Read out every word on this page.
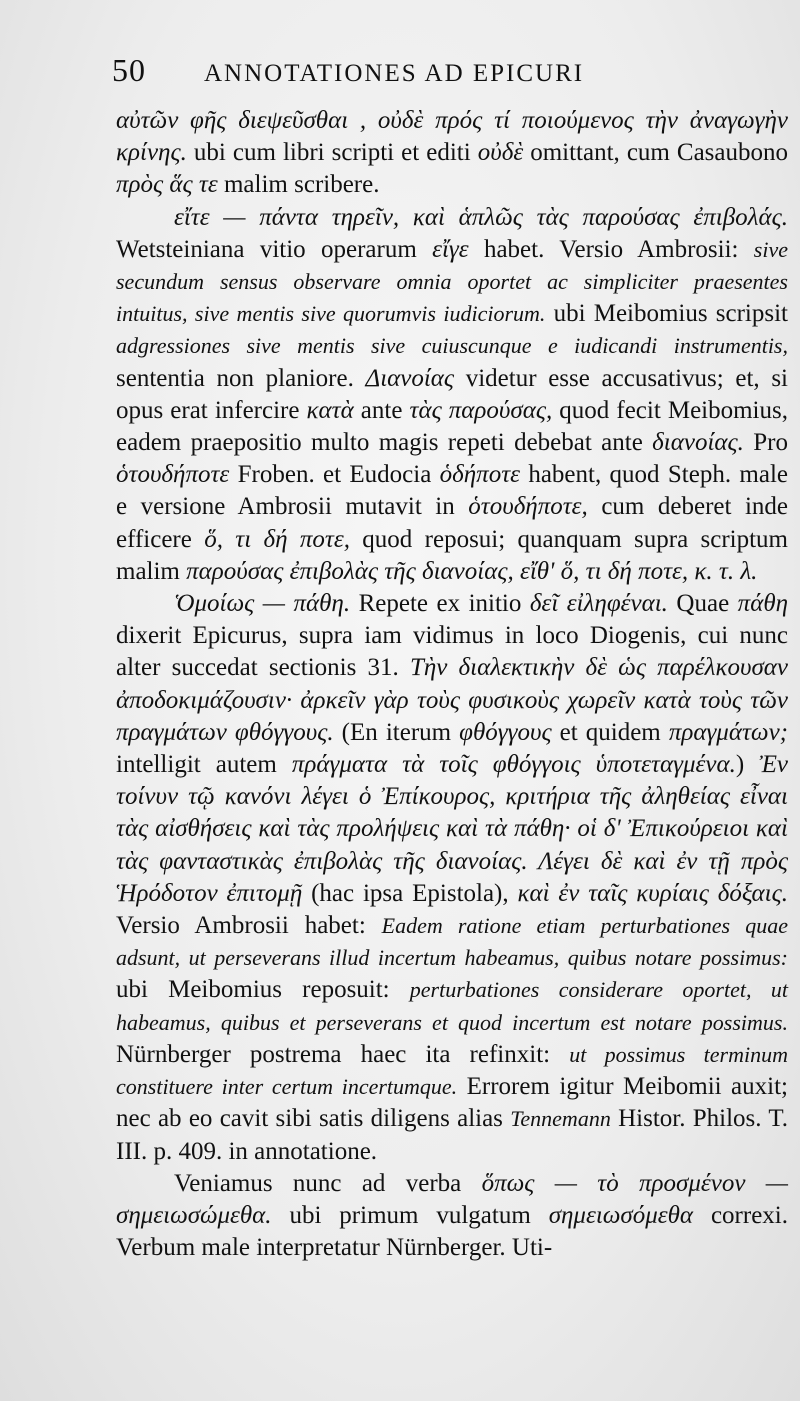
50 ANNOTATIONES AD EPICURI

αὐτῶν φῆς διεψεῦσθαι , οὐδὲ πρός τί ποιούμενος τὴν ἀναγωγὴν κρίνης. ubi cum libri scripti et editi οὐδὲ omittant, cum Casaubono πρὸς ἅς τε malim scribere.

εἴτε — πάντα τηρεῖν, καὶ ἁπλῶς τὰς παρούσας ἐπιβολάς. Wetsteiniana vitio operarum εἴγε habet. Versio Ambrosii: sive secundum sensus observare omnia oportet ac simpliciter praesentes intuitus, sive mentis sive quorumvis iudiciorum. ubi Meibomius scripsit adgressiones sive mentis sive cuiuscunque e iudicandi instrumentis, sententia non planiore. Διανοίας videtur esse accusativus; et, si opus erat infercire κατὰ ante τὰς παρούσας, quod fecit Meibomius, eadem praepositio multo magis repeti debebat ante διανοίας. Pro ὁτουδήποτε Froben. et Eudocia ὁδήποτε habent, quod Steph. male e versione Ambrosii mutavit in ὁτουδήποτε, cum deberet inde efficere ὅ, τι δή ποτε, quod reposui; quanquam supra scriptum malim παρούσας ἐπιβολὰς τῆς διανοίας, εἴθ' ὅ, τι δή ποτε, κ. τ. λ.

Ὁμοίως — πάθη. Repete ex initio δεῖ εἰληφέναι. Quae πάθη dixerit Epicurus, supra iam vidimus in loco Diogenis, cui nunc alter succedat sectionis 31. Τὴν διαλεκτικὴν δὲ ὡς παρέλκουσαν ἀποδοκιμάζουσιν· ἀρκεῖν γὰρ τοὺς φυσικοὺς χωρεῖν κατὰ τοὺς τῶν πραγμάτων φθόγγους. (En iterum φθόγγους et quidem πραγμάτων; intelligit autem πράγματα τὰ τοῖς φθόγγοις ὑποτεταγμένα.) Ἐν τοίνυν τῷ κανόνι λέγει ὁ Ἐπίκουρος, κριτήρια τῆς ἀληθείας εἶναι τὰς αἰσθήσεις καὶ τὰς προλήψεις καὶ τὰ πάθη· οἱ δ' Ἐπικούρειοι καὶ τὰς φανταστικὰς ἐπιβολὰς τῆς διανοίας. Λέγει δὲ καὶ ἐν τῇ πρὸς Ἡρόδοτον ἐπιτομῇ (hac ipsa Epistola), καὶ ἐν ταῖς κυρίαις δόξαις. Versio Ambrosii habet: Eadem ratione etiam perturbationes quae adsunt, ut perseverans illud incertum habeamus, quibus notare possimus: ubi Meibomius reposuit: perturbationes considerare oportet, ut habeamus, quibus et perseverans et quod incertum est notare possimus. Nürnberger postrema haec ita refinxit: ut possimus terminum constituere inter certum incertumque. Errorem igitur Meibomii auxit; nec ab eo cavit sibi satis diligens alias Tennemann Histor. Philos. T. III. p. 409. in annotatione.

Veniamus nunc ad verba ὅπως — τὸ προσμένον — σημειωσώμεθα. ubi primum vulgatum σημειωσόμεθα correxi. Verbum male interpretatur Nürnberger. Uti-
